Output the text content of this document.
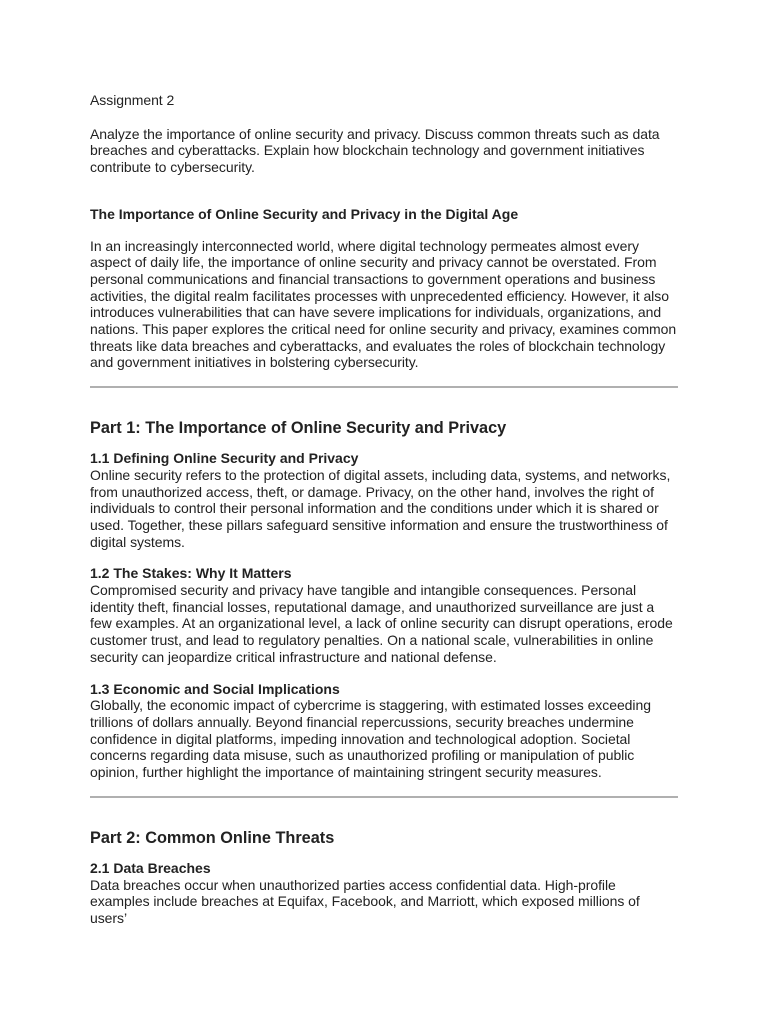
Assignment 2

Analyze the importance of online security and privacy. Discuss common threats such as data breaches and cyberattacks. Explain how blockchain technology and government initiatives contribute to cybersecurity.

The Importance of Online Security and Privacy in the Digital Age

In an increasingly interconnected world, where digital technology permeates almost every aspect of daily life, the importance of online security and privacy cannot be overstated. From personal communications and financial transactions to government operations and business activities, the digital realm facilitates processes with unprecedented efficiency. However, it also introduces vulnerabilities that can have severe implications for individuals, organizations, and nations. This paper explores the critical need for online security and privacy, examines common threats like data breaches and cyberattacks, and evaluates the roles of blockchain technology and government initiatives in bolstering cybersecurity.

Part 1: The Importance of Online Security and Privacy
1.1 Defining Online Security and Privacy

Online security refers to the protection of digital assets, including data, systems, and networks, from unauthorized access, theft, or damage. Privacy, on the other hand, involves the right of individuals to control their personal information and the conditions under which it is shared or used. Together, these pillars safeguard sensitive information and ensure the trustworthiness of digital systems.

1.2 The Stakes: Why It Matters

Compromised security and privacy have tangible and intangible consequences. Personal identity theft, financial losses, reputational damage, and unauthorized surveillance are just a few examples. At an organizational level, a lack of online security can disrupt operations, erode customer trust, and lead to regulatory penalties. On a national scale, vulnerabilities in online security can jeopardize critical infrastructure and national defense.

1.3 Economic and Social Implications

Globally, the economic impact of cybercrime is staggering, with estimated losses exceeding trillions of dollars annually. Beyond financial repercussions, security breaches undermine confidence in digital platforms, impeding innovation and technological adoption. Societal concerns regarding data misuse, such as unauthorized profiling or manipulation of public opinion, further highlight the importance of maintaining stringent security measures.

Part 2: Common Online Threats
2.1 Data Breaches

Data breaches occur when unauthorized parties access confidential data. High-profile examples include breaches at Equifax, Facebook, and Marriott, which exposed millions of users’
